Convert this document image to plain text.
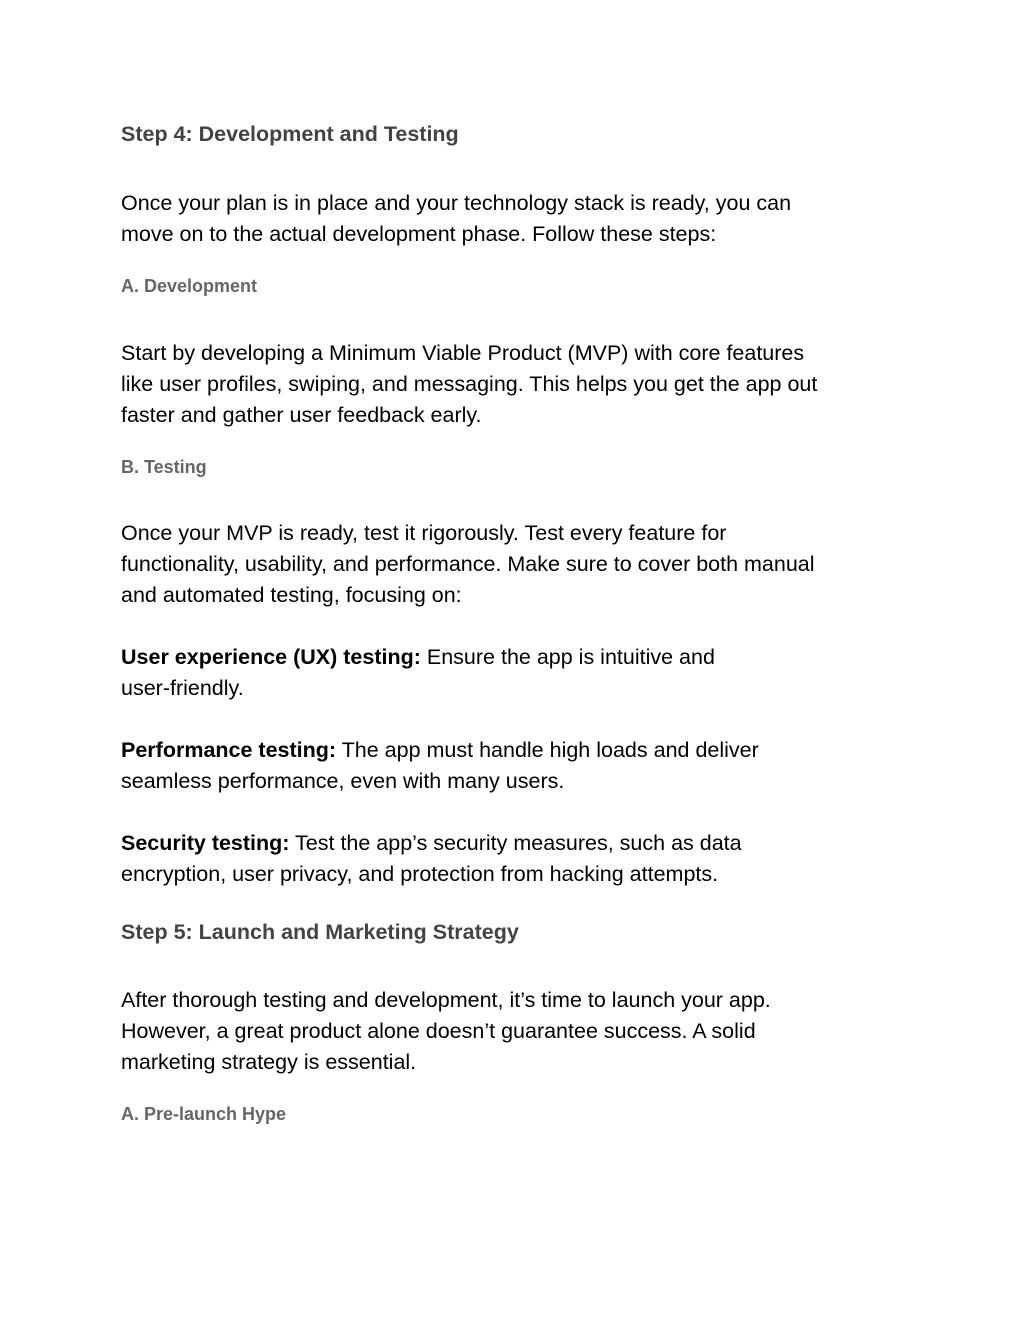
Step 4: Development and Testing

Once your plan is in place and your technology stack is ready, you can
move on to the actual development phase. Follow these steps:

A. Development

Start by developing a Minimum Viable Product (MVP) with core features
like user profiles, swiping, and messaging. This helps you get the app out
faster and gather user feedback early.

B. Testing

Once your MVP is ready, test it rigorously. Test every feature for
functionality, usability, and performance. Make sure to cover both manual
and automated testing, focusing on:

User experience (UX) testing: Ensure the app is intuitive and
user-friendly.

Performance testing: The app must handle high loads and deliver
seamless performance, even with many users.

Security testing: Test the app’s security measures, such as data
encryption, user privacy, and protection from hacking attempts.

Step 5: Launch and Marketing Strategy

After thorough testing and development, it’s time to launch your app.
However, a great product alone doesn’t guarantee success. A solid
marketing strategy is essential.

A. Pre-launch Hype
